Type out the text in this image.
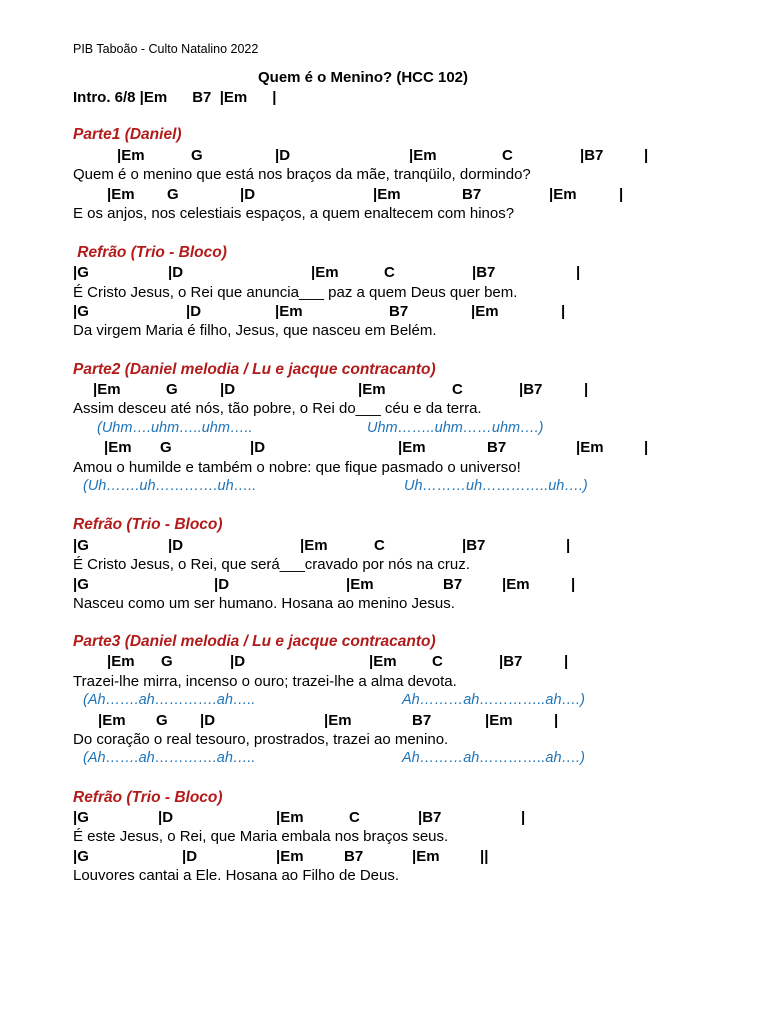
PIB Taboão - Culto Natalino 2022
Quem é o Menino? (HCC 102)
Intro. 6/8 |Em      B7  |Em      |
Parte1 (Daniel)

|Em

	G

	|D

	|Em

	C

	|B7

	|

Quem é o menino que está nos braços da mãe, tranqüilo, dormindo?

|Em

G

	|D

	|Em

	B7

	|Em

	|

E os anjos, nos celestiais espaços, a quem enaltecem com hinos?
Refrão (Trio - Bloco)

|G

	|D

	|Em

	C

	|B7

	|

É Cristo Jesus, o Rei que anuncia___ paz a quem Deus quer bem.

|G

	|D

	|Em

	B7

	|Em

	|

Da virgem Maria é filho, Jesus, que nasceu em Belém.
Parte2 (Daniel melodia / Lu e jacque contracanto)

|Em

	G

	|D

	|Em

	C

	|B7

	|

Assim desceu até nós, tão pobre, o Rei do___ céu e da terra.

(Uhm….uhm…..uhm…..

	Uhm……..uhm……uhm….)

|Em

G

	|D

	|Em

	B7

	|Em

	|

Amou o humilde e também o nobre: que fique pasmado o universo!

(Uh…….uh………….uh…..

	Uh………uh…………..uh….)

Refrão (Trio - Bloco)

|G

	|D

	|Em

	C

	|B7

	|

É Cristo Jesus, o Rei, que será___cravado por nós na cruz.

|G

	|D

	|Em

	B7

	|Em

	|

Nasceu como um ser humano. Hosana ao menino Jesus.
Parte3 (Daniel melodia / Lu e jacque contracanto)

|Em

G

	|D

	|Em

C

	|B7

	|

Trazei-lhe mirra, incenso o ouro; trazei-lhe a alma devota.

(Ah…….ah………….ah…..

	Ah………ah…………..ah….)

|Em

G

|D

	|Em

	B7

	|Em

	|

Do coração o real tesouro, prostrados, trazei ao menino.

(Ah…….ah………….ah…..

	Ah………ah…………..ah….)

Refrão (Trio - Bloco)

|G

	|D

	|Em

	C

	|B7

	|

É este Jesus, o Rei, que Maria embala nos braços seus.

|G

	|D

	|Em

	B7

	|Em

	||

Louvores cantai a Ele. Hosana ao Filho de Deus.
